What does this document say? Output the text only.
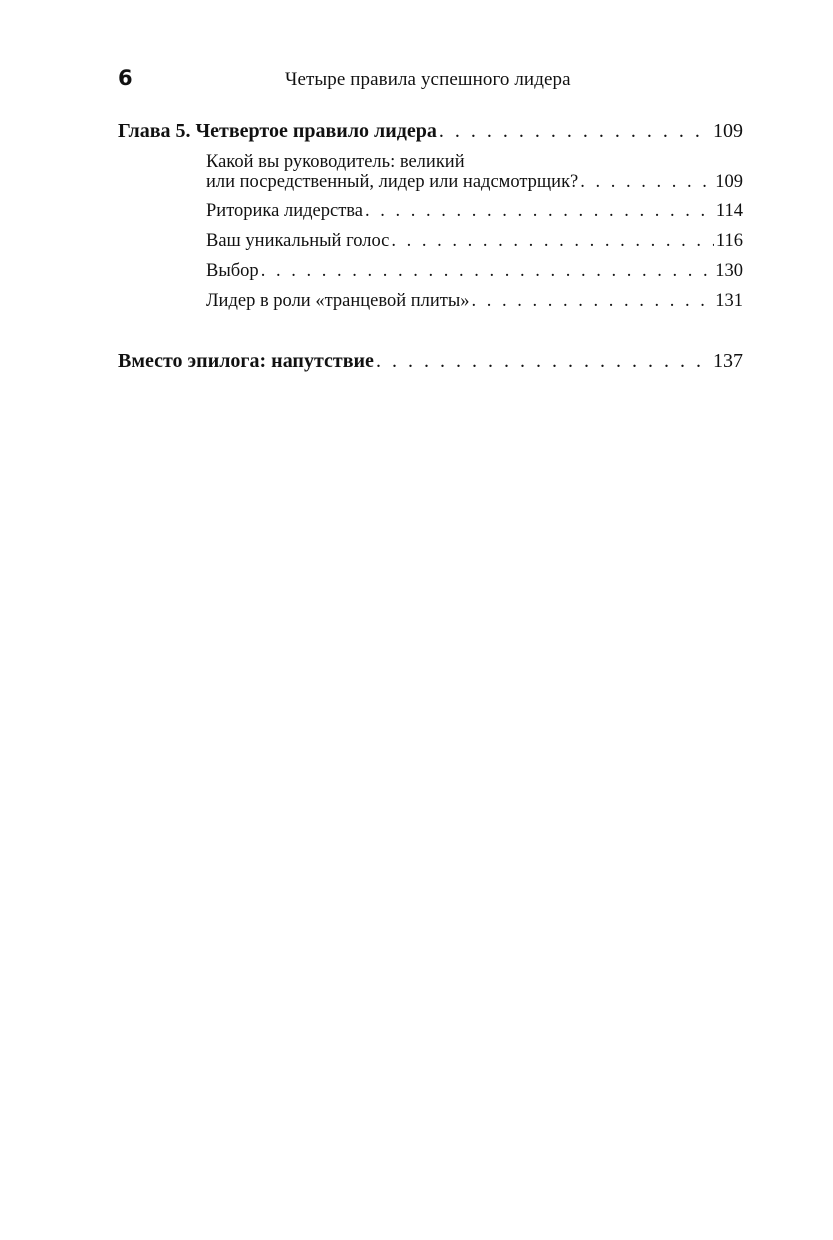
6	Четыре правила успешного лидера
Глава 5. Четвертое правило лидера . . .	109
Какой вы руководитель: великий
или посредственный, лидер или надсмотрщик? . . .	109
Риторика лидерства . . .	114
Ваш уникальный голос . . .	116
Выбор . . .	130
Лидер в роли «транцевой плиты» . . .	131
Вместо эпилога: напутствие . . .	137
